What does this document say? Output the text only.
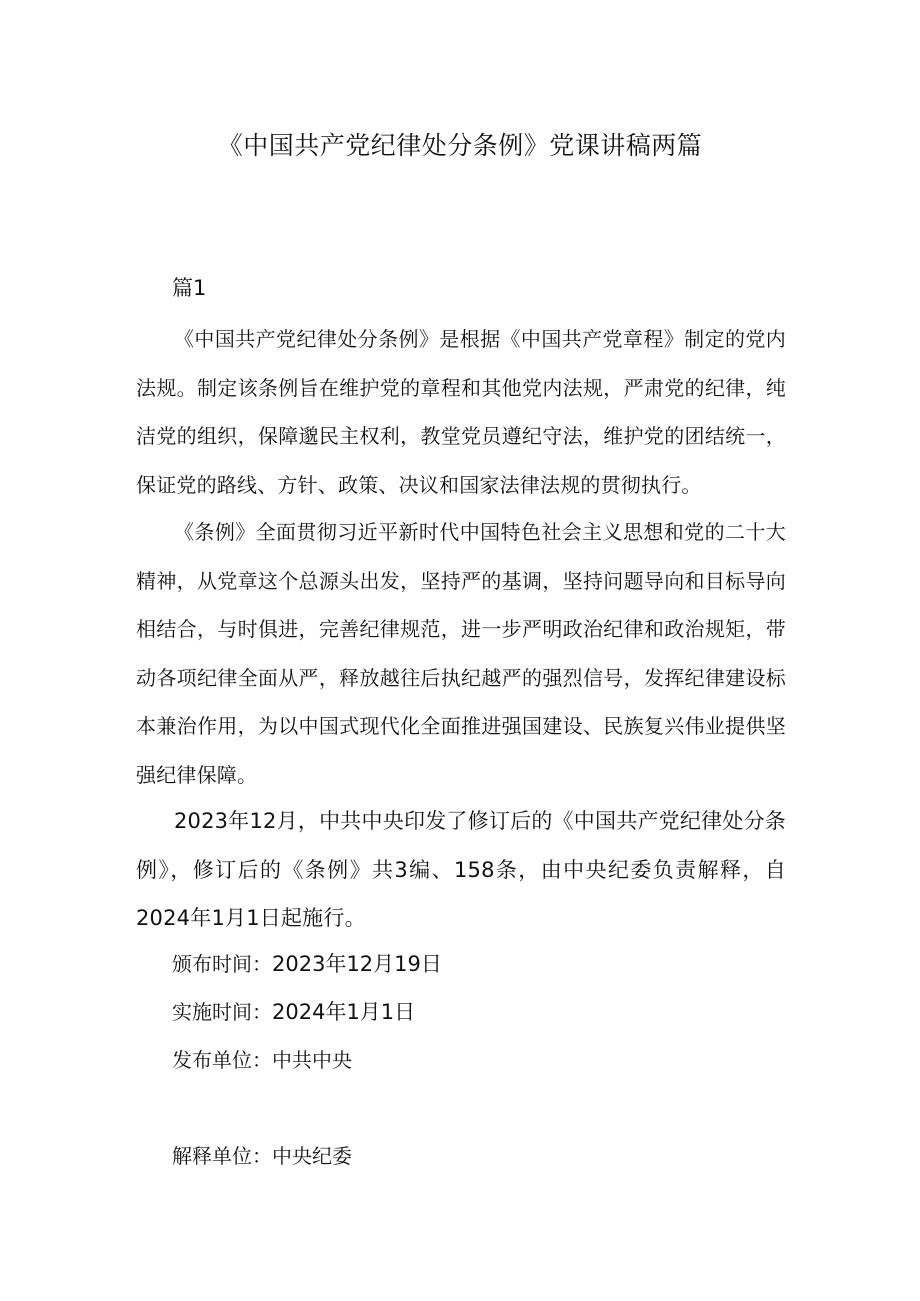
《中国共产党纪律处分条例》党课讲稿两篇
篇1

《中国共产党纪律处分条例》是根据《中国共产党章程》制定的党内法规。制定该条例旨在维护党的章程和其他党内法规，严肃党的纪律，纯洁党的组织，保障邈民主权利，教堂党员遵纪守法，维护党的团结统一，保证党的路线、方针、政策、决议和国家法律法规的贯彻执行。

《条例》全面贯彻习近平新时代中国特色社会主义思想和党的二十大精神，从党章这个总源头出发，坚持严的基调，坚持问题导向和目标导向相结合，与时俱进，完善纪律规范，进一步严明政治纪律和政治规矩，带动各项纪律全面从严，释放越往后执纪越严的强烈信号，发挥纪律建设标本兼治作用，为以中国式现代化全面推进强国建设、民族复兴伟业提供坚强纪律保障。

2023年12月，中共中央印发了修订后的《中国共产党纪律处分条例》，修订后的《条例》共3编、158条，由中央纪委负责解释，自2024年1月1日起施行。

颁布时间：2023年12月19日
实施时间：2024年1月1日
发布单位：中共中央
解释单位：中央纪委
